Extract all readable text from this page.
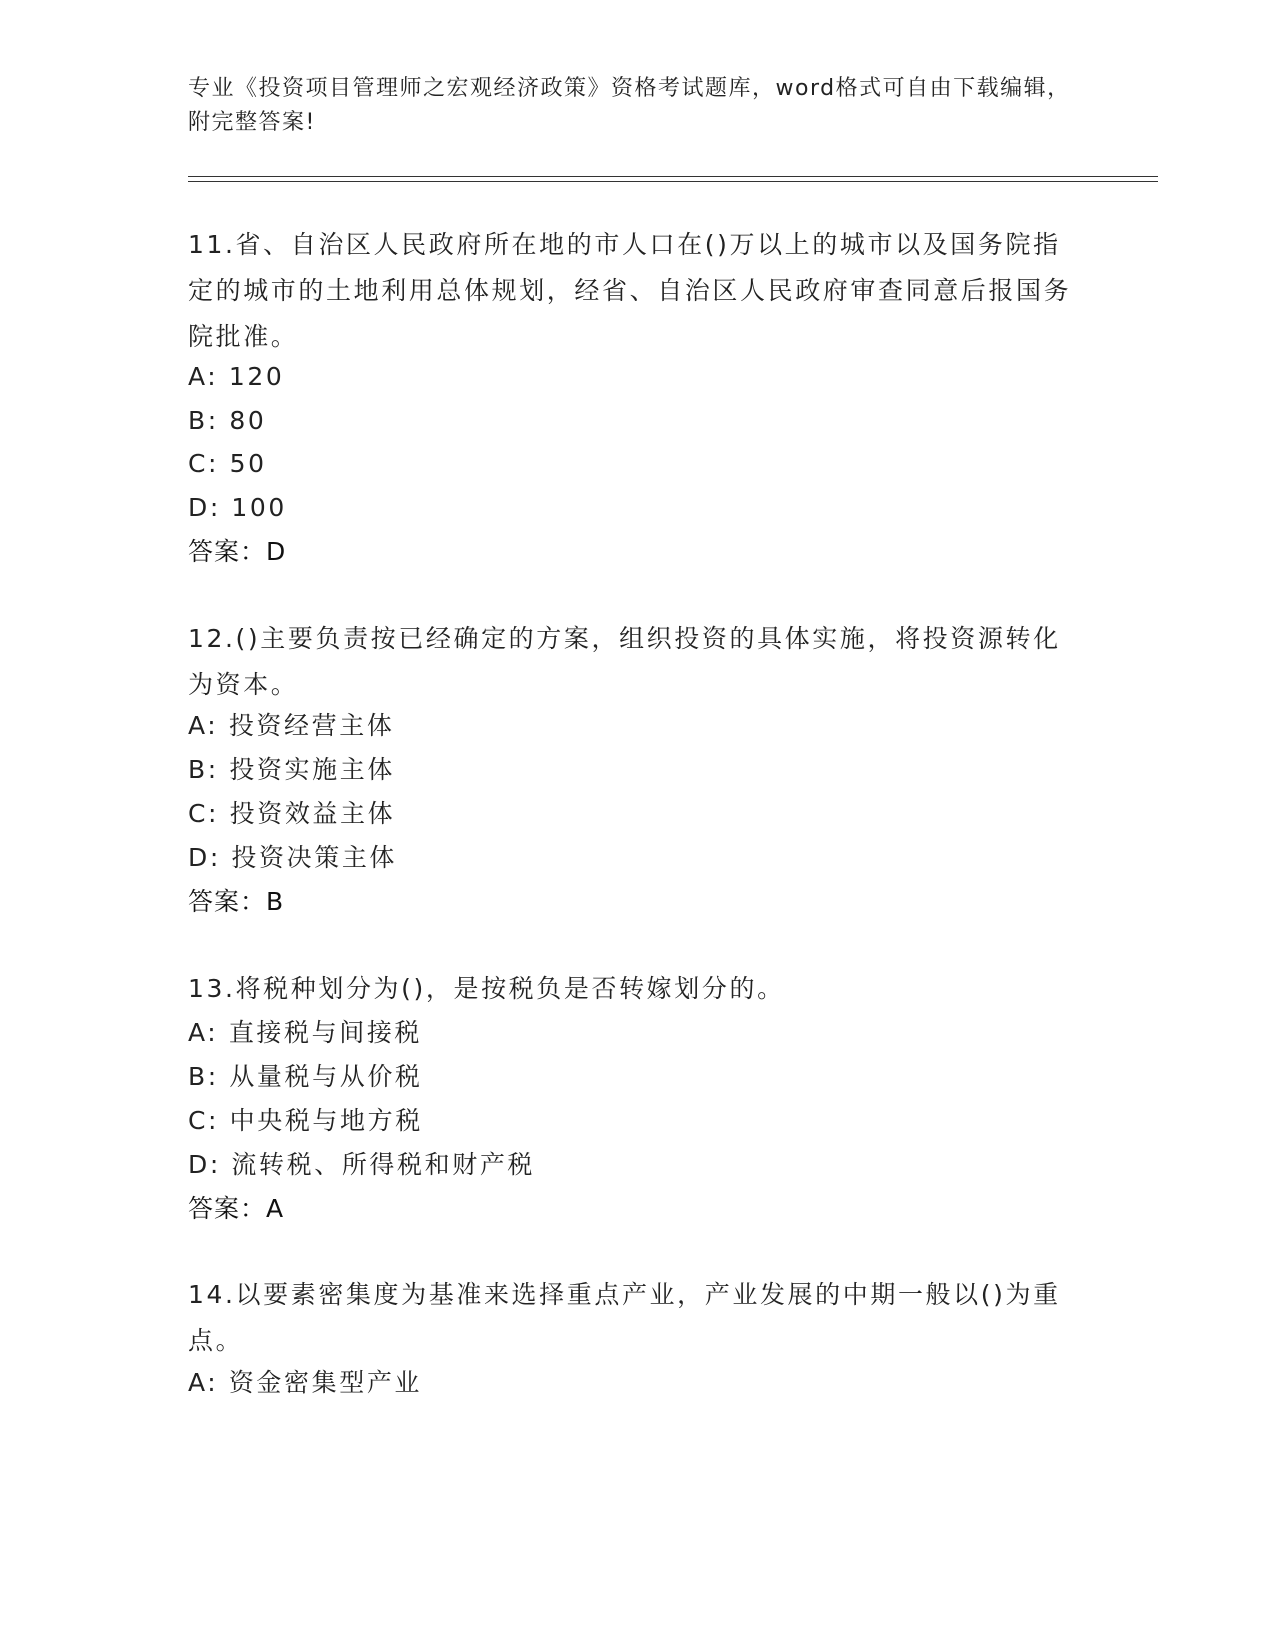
专业《投资项目管理师之宏观经济政策》资格考试题库，word格式可自由下载编辑，附完整答案!
11.省、自治区人民政府所在地的市人口在()万以上的城市以及国务院指定的城市的土地利用总体规划，经省、自治区人民政府审查同意后报国务院批准。
A: 120
B: 80
C: 50
D: 100
答案：D
12.()主要负责按已经确定的方案，组织投资的具体实施，将投资源转化为资本。
A: 投资经营主体
B: 投资实施主体
C: 投资效益主体
D: 投资决策主体
答案：B
13.将税种划分为()，是按税负是否转嫁划分的。
A: 直接税与间接税
B: 从量税与从价税
C: 中央税与地方税
D: 流转税、所得税和财产税
答案：A
14.以要素密集度为基准来选择重点产业，产业发展的中期一般以()为重点。
A: 资金密集型产业
